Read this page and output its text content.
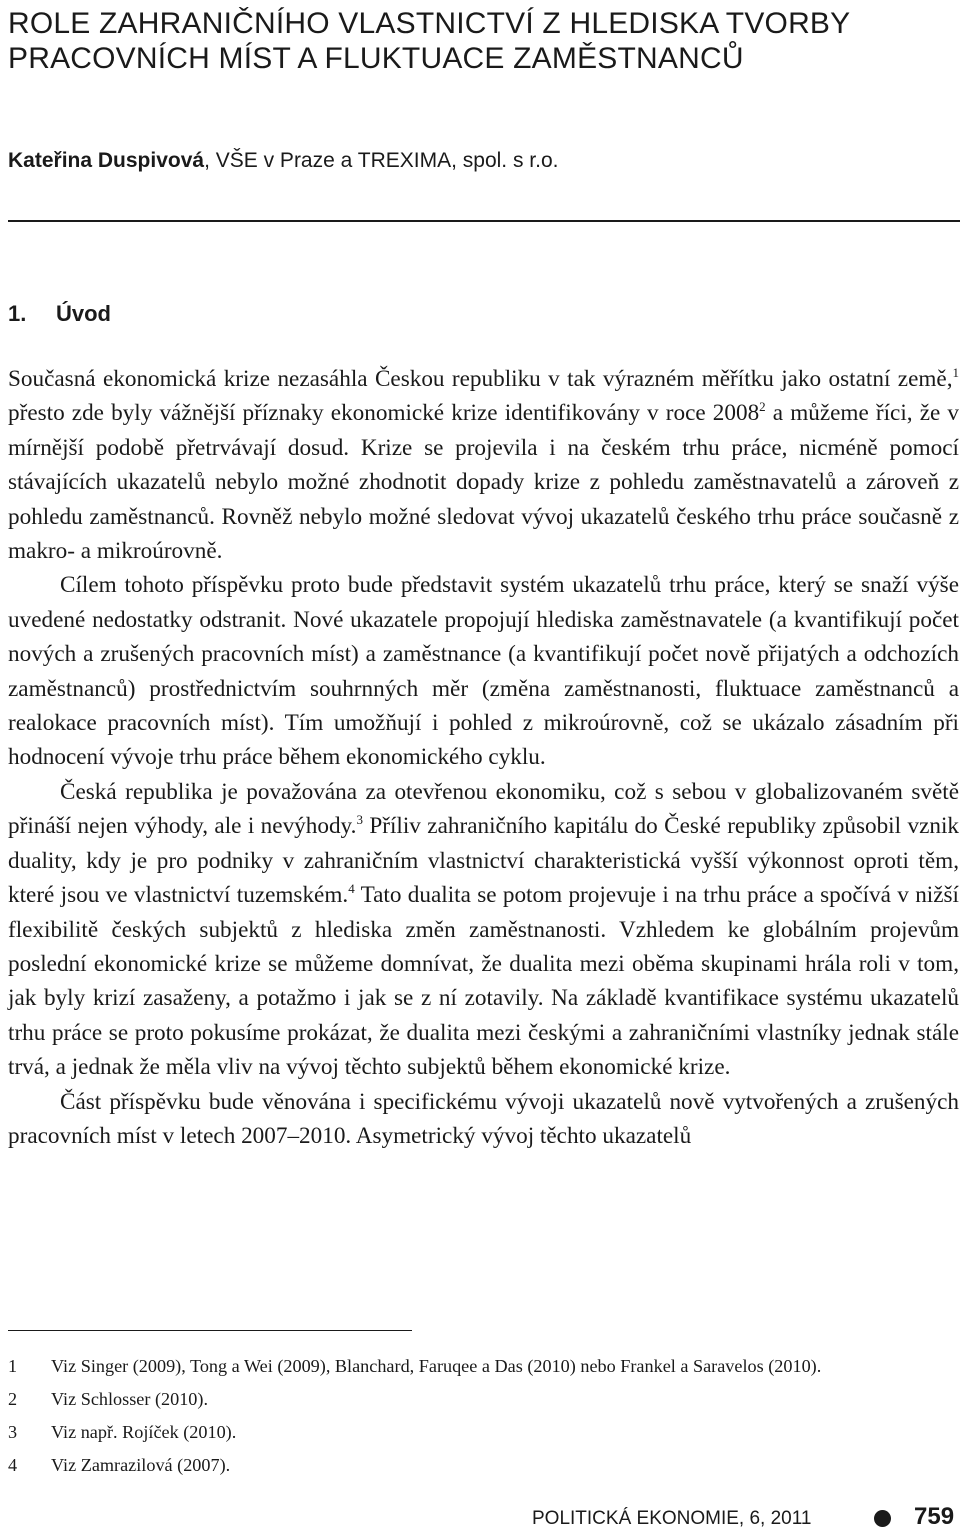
ROLE ZAHRANIČNÍHO VLASTNICTVÍ Z HLEDISKA TVORBY
PRACOVNÍCH MÍST A FLUKTUACE ZAMĚSTNANCŮ
Kateřina Duspivová, VŠE v Praze a TREXIMA, spol. s r.o.
1. Úvod

Současná ekonomická krize nezasáhla Českou republiku v tak výrazném měřítku jako ostatní země,$^1$ přesto zde byly vážnější příznaky ekonomické krize identifikovány v roce 2008$^2$ a můžeme říci, že v mírnější podobě přetrvávají dosud. Krize se projevila i na českém trhu práce, nicméně pomocí stávajících ukazatelů nebylo možné zhodnotit dopady krize z pohledu zaměstnavatelů a zároveň z pohledu zaměstnanců. Rovněž nebylo možné sledovat vývoj ukazatelů českého trhu práce současně z makro- a mikroúrovně.

Cílem tohoto příspěvku proto bude představit systém ukazatelů trhu práce, který se snaží výše uvedené nedostatky odstranit. Nové ukazatele propojují hlediska zaměstnavatele (a kvantifikují počet nových a zrušených pracovních míst) a zaměstnance (a kvantifikují počet nově přijatých a odchozích zaměstnanců) prostřednictvím souhrnných měr (změna zaměstnanosti, fluktuace zaměstnanců a realokace pracovních míst). Tím umožňují i pohled z mikroúrovně, což se ukázalo zásadním při hodnocení vývoje trhu práce během ekonomického cyklu.

Česká republika je považována za otevřenou ekonomiku, což s sebou v globalizovaném světě přináší nejen výhody, ale i nevýhody.$^3$ Příliv zahraničního kapitálu do České republiky způsobil vznik duality, kdy je pro podniky v zahraničním vlastnictví charakteristická vyšší výkonnost oproti těm, které jsou ve vlastnictví tuzemském.$^4$ Tato dualita se potom projevuje i na trhu práce a spočívá v nižší flexibilitě českých subjektů z hlediska změn zaměstnanosti. Vzhledem ke globálním projevům poslední ekonomické krize se můžeme domnívat, že dualita mezi oběma skupinami hrála roli v tom, jak byly krizí zasaženy, a potažmo i jak se z ní zotavily. Na základě kvantifikace systému ukazatelů trhu práce se proto pokusíme prokázat, že dualita mezi českými a zahraničními vlastníky jednak stále trvá, a jednak že měla vliv na vývoj těchto subjektů během ekonomické krize.

Část příspěvku bude věnována i specifickému vývoji ukazatelů nově vytvořených a zrušených pracovních míst v letech 2007–2010. Asymetrický vývoj těchto ukazatelů

1	Viz Singer (2009), Tong a Wei (2009), Blanchard, Faruqee a Das (2010) nebo Frankel a Saravelos (2010).
2	Viz Schlosser (2010).
3	Viz např. Rojíček (2010).
4	Viz Zamrazilová (2007).
POLITICKÁ EKONOMIE, 6, 2011	759
